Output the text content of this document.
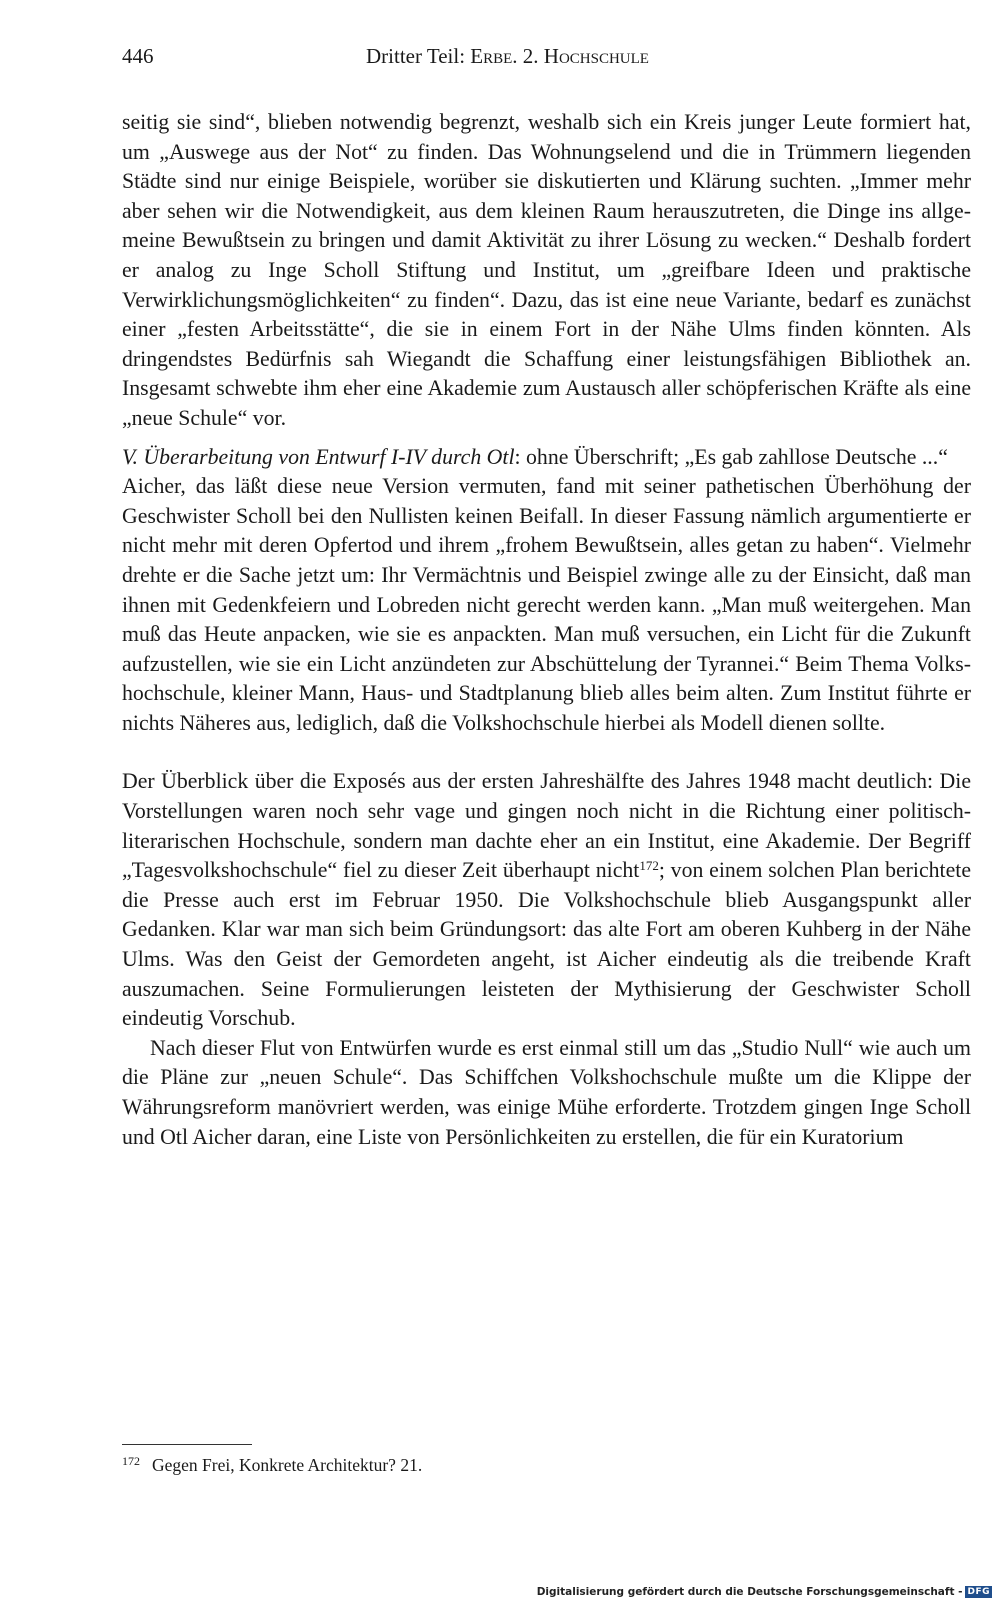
446	Dritter Teil: Erbe. 2. Hochschule

seitig sie sind“, blieben notwendig begrenzt, weshalb sich ein Kreis junger Leute formiert hat, um „Auswege aus der Not“ zu finden. Das Wohnungselend und die in Trümmern liegenden Städte sind nur einige Beispiele, worüber sie diskutierten und Klärung suchten. „Immer mehr aber sehen wir die Notwendigkeit, aus dem kleinen Raum herauszutreten, die Dinge ins allgemeine Bewußtsein zu bringen und damit Aktivität zu ihrer Lösung zu wecken.“ Deshalb fordert er analog zu Inge Scholl Stiftung und Institut, um „greifbare Ideen und praktische Verwirklichungsmöglichkeiten“ zu finden“. Dazu, das ist eine neue Variante, bedarf es zunächst einer „festen Arbeitsstätte“, die sie in einem Fort in der Nähe Ulms finden könnten. Als dringendstes Bedürfnis sah Wiegandt die Schaffung einer leistungsfähigen Bibliothek an. Insgesamt schwebte ihm eher eine Akademie zum Austausch aller schöpferischen Kräfte als eine „neue Schule“ vor.

V. Überarbeitung von Entwurf I-IV durch Otl: ohne Überschrift; „Es gab zahllose Deutsche ...“

Aicher, das läßt diese neue Version vermuten, fand mit seiner pathetischen Überhöhung der Geschwister Scholl bei den Nullisten keinen Beifall. In dieser Fassung nämlich argumentierte er nicht mehr mit deren Opfertod und ihrem „frohem Bewußtsein, alles getan zu haben“. Vielmehr drehte er die Sache jetzt um: Ihr Vermächtnis und Beispiel zwinge alle zu der Einsicht, daß man ihnen mit Gedenkfeiern und Lobreden nicht gerecht werden kann. „Man muß weitergehen. Man muß das Heute anpacken, wie sie es anpackten. Man muß versuchen, ein Licht für die Zukunft aufzustellen, wie sie ein Licht anzündeten zur Abschüttelung der Tyrannei.“ Beim Thema Volkshochschule, kleiner Mann, Haus- und Stadtplanung blieb alles beim alten. Zum Institut führte er nichts Näheres aus, lediglich, daß die Volkshochschule hierbei als Modell dienen sollte.

Der Überblick über die Exposés aus der ersten Jahreshälfte des Jahres 1948 macht deutlich: Die Vorstellungen waren noch sehr vage und gingen noch nicht in die Richtung einer politisch-literarischen Hochschule, sondern man dachte eher an ein Institut, eine Akademie. Der Begriff „Tagesvolkshochschule“ fiel zu dieser Zeit überhaupt nicht$^{172}$; von einem solchen Plan berichtete die Presse auch erst im Februar 1950. Die Volkshochschule blieb Ausgangspunkt aller Gedanken. Klar war man sich beim Gründungsort: das alte Fort am oberen Kuhberg in der Nähe Ulms. Was den Geist der Gemordeten angeht, ist Aicher eindeutig als die treibende Kraft auszumachen. Seine Formulierungen leisteten der Mythisierung der Geschwister Scholl eindeutig Vorschub.

Nach dieser Flut von Entwürfen wurde es erst einmal still um das „Studio Null“ wie auch um die Pläne zur „neuen Schule“. Das Schiffchen Volkshochschule mußte um die Klippe der Währungsreform manövriert werden, was einige Mühe erforderte. Trotzdem gingen Inge Scholl und Otl Aicher daran, eine Liste von Persönlichkeiten zu erstellen, die für ein Kuratorium

$^{172}$ Gegen Frei, Konkrete Architektur? 21.
Digitalisierung gefördert durch die Deutsche Forschungsgemeinschaft - DFG
